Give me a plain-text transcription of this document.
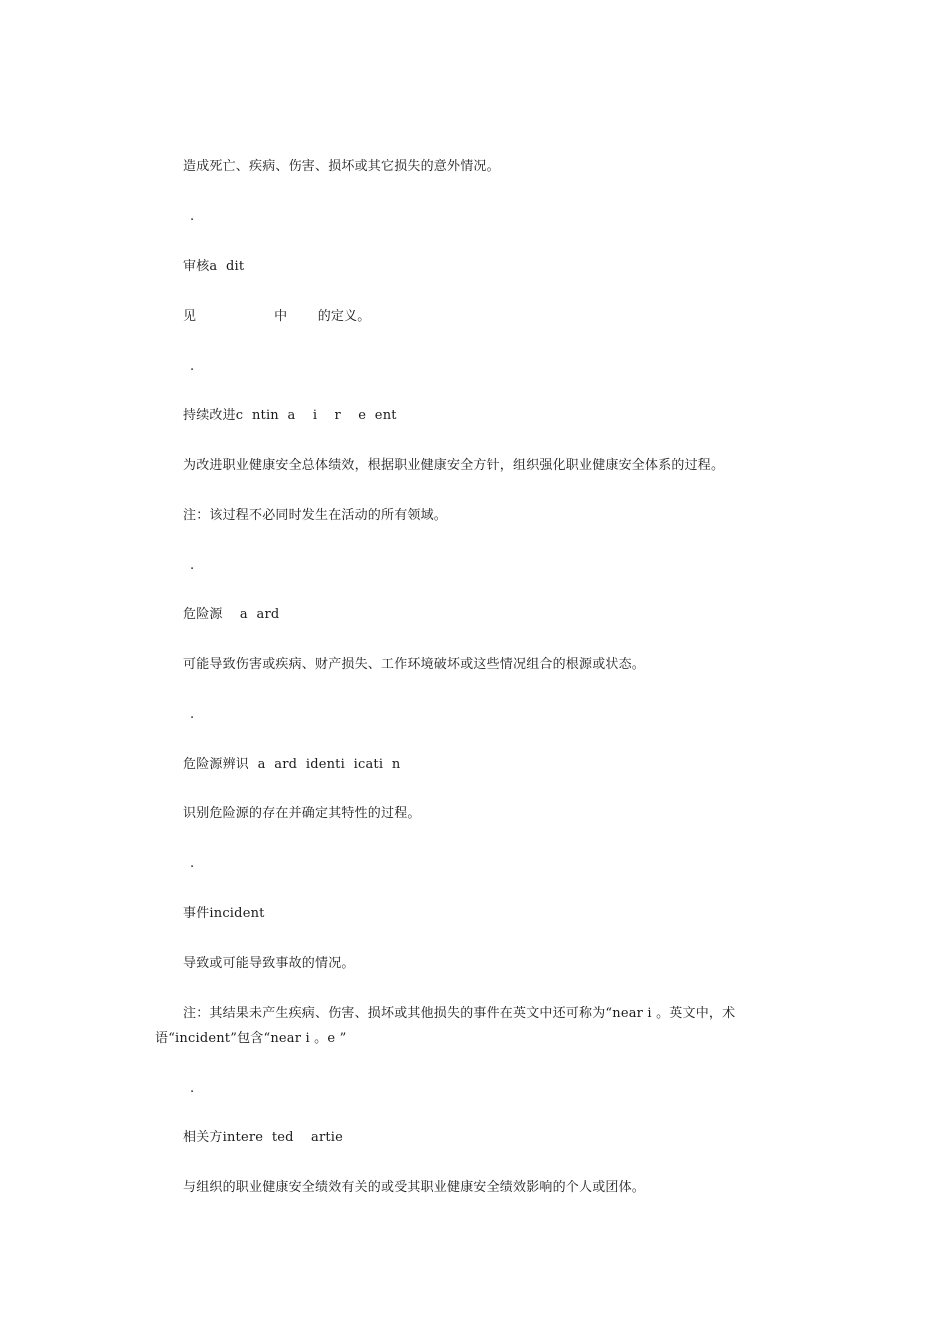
造成死亡、疾病、伤害、损坏或其它损失的意外情况。
.
审核a  dit
见                  中       的定义。
.
持续改进c  ntin  a    i    r    e  ent
为改进职业健康安全总体绩效，根据职业健康安全方针，组织强化职业健康安全体系的过程。
注：该过程不必同时发生在活动的所有领域。
.
危险源    a  ard
可能导致伤害或疾病、财产损失、工作环境破坏或这些情况组合的根源或状态。
.
危险源辨识  a  ard  identi  icati  n
识别危险源的存在并确定其特性的过程。
.
事件incident
导致或可能导致事故的情况。
注：其结果未产生疾病、伤害、损坏或其他损失的事件在英文中还可称为“near i 。英文中，术语“incident”包含“near i 。e ”
.
相关方intere  ted    artie
与组织的职业健康安全绩效有关的或受其职业健康安全绩效影响的个人或团体。
